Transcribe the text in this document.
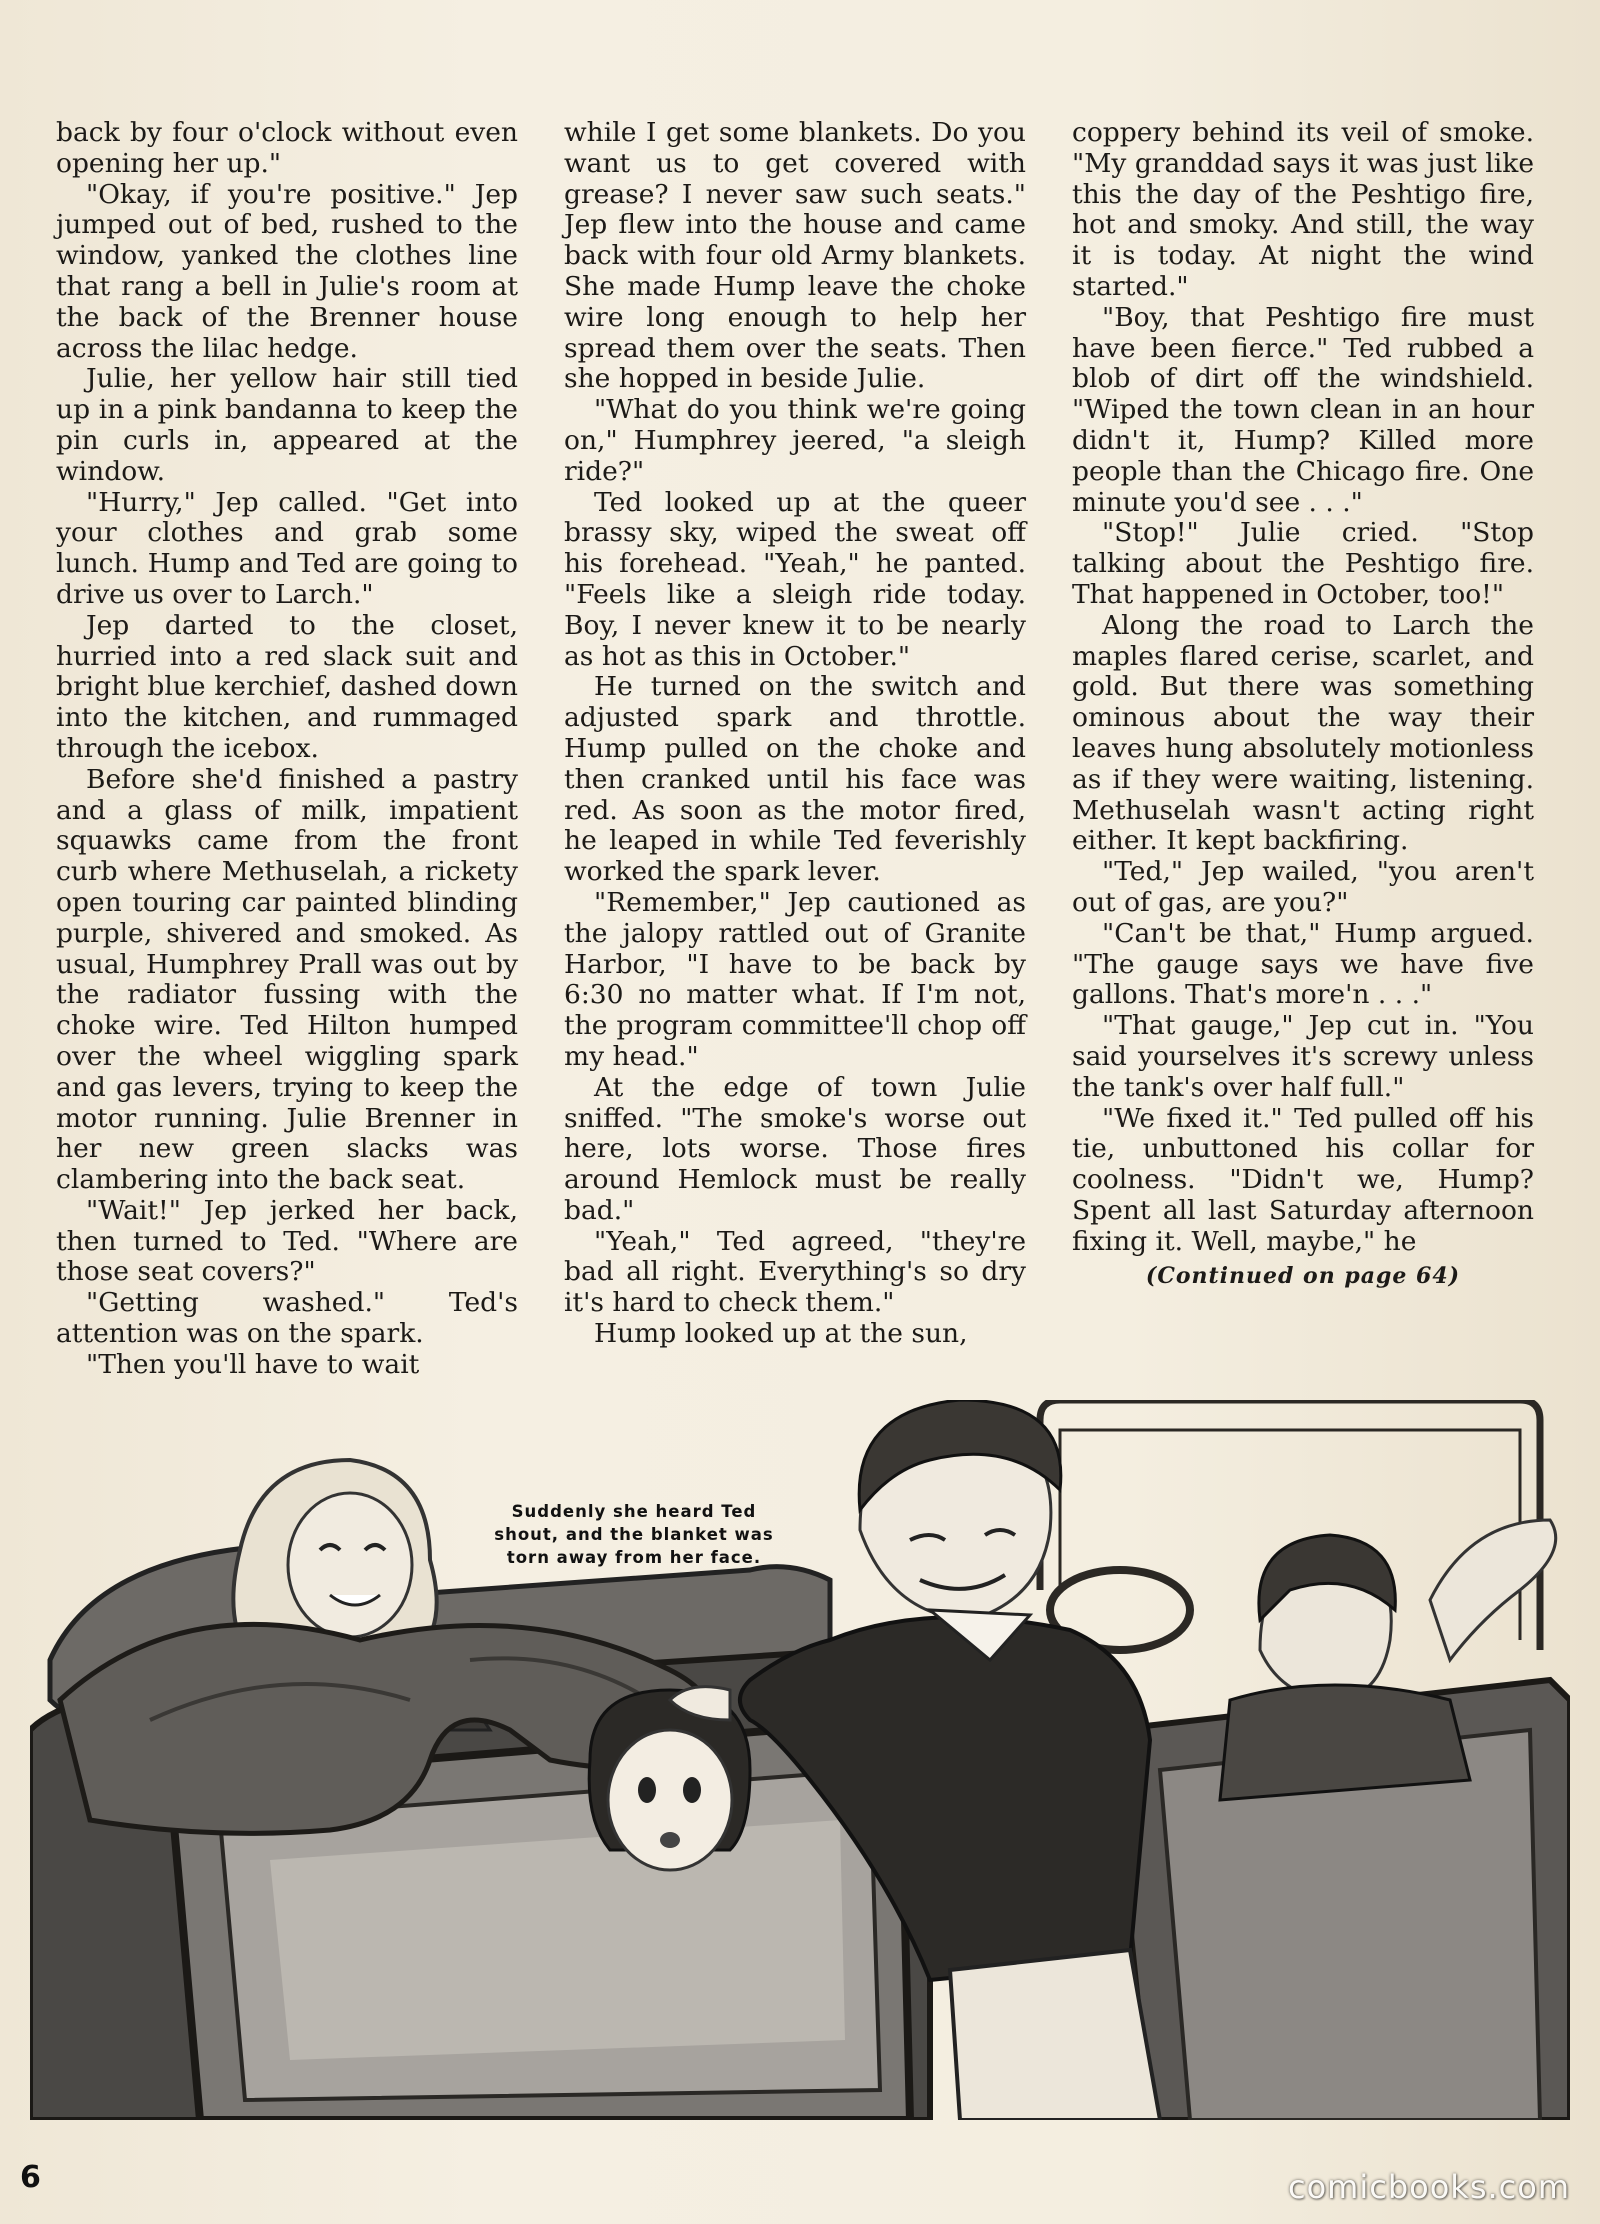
back by four o'clock without even opening her up."

"Okay, if you're positive." Jep jumped out of bed, rushed to the window, yanked the clothes line that rang a bell in Julie's room at the back of the Brenner house across the lilac hedge.

Julie, her yellow hair still tied up in a pink bandanna to keep the pin curls in, appeared at the window.

"Hurry," Jep called. "Get into your clothes and grab some lunch. Hump and Ted are going to drive us over to Larch."

Jep darted to the closet, hurried into a red slack suit and bright blue kerchief, dashed down into the kitchen, and rummaged through the icebox.

Before she'd finished a pastry and a glass of milk, impatient squawks came from the front curb where Methuselah, a rickety open touring car painted blinding purple, shivered and smoked. As usual, Humphrey Prall was out by the radiator fussing with the choke wire. Ted Hilton humped over the wheel wiggling spark and gas levers, trying to keep the motor running. Julie Brenner in her new green slacks was clambering into the back seat.

"Wait!" Jep jerked her back, then turned to Ted. "Where are those seat covers?"

"Getting washed." Ted's attention was on the spark.

"Then you'll have to wait

while I get some blankets. Do you want us to get covered with grease? I never saw such seats." Jep flew into the house and came back with four old Army blankets. She made Hump leave the choke wire long enough to help her spread them over the seats. Then she hopped in beside Julie.

"What do you think we're going on," Humphrey jeered, "a sleigh ride?"

Ted looked up at the queer brassy sky, wiped the sweat off his forehead. "Yeah," he panted. "Feels like a sleigh ride today. Boy, I never knew it to be nearly as hot as this in October."

He turned on the switch and adjusted spark and throttle. Hump pulled on the choke and then cranked until his face was red. As soon as the motor fired, he leaped in while Ted feverishly worked the spark lever.

"Remember," Jep cautioned as the jalopy rattled out of Granite Harbor, "I have to be back by 6:30 no matter what. If I'm not, the program committee'll chop off my head."

At the edge of town Julie sniffed. "The smoke's worse out here, lots worse. Those fires around Hemlock must be really bad."

"Yeah," Ted agreed, "they're bad all right. Everything's so dry it's hard to check them."

Hump looked up at the sun,

coppery behind its veil of smoke. "My granddad says it was just like this the day of the Peshtigo fire, hot and smoky. And still, the way it is today. At night the wind started."

"Boy, that Peshtigo fire must have been fierce." Ted rubbed a blob of dirt off the windshield. "Wiped the town clean in an hour didn't it, Hump? Killed more people than the Chicago fire. One minute you'd see . . ."

"Stop!" Julie cried. "Stop talking about the Peshtigo fire. That happened in October, too!"

Along the road to Larch the maples flared cerise, scarlet, and gold. But there was something ominous about the way their leaves hung absolutely motionless as if they were waiting, listening. Methuselah wasn't acting right either. It kept backfiring.

"Ted," Jep wailed, "you aren't out of gas, are you?"

"Can't be that," Hump argued. "The gauge says we have five gallons. That's more'n . . ."

"That gauge," Jep cut in. "You said yourselves it's screwy unless the tank's over half full."

"We fixed it." Ted pulled off his tie, unbuttoned his collar for coolness. "Didn't we, Hump? Spent all last Saturday afternoon fixing it. Well, maybe," he

(Continued on page 64)
Suddenly she heard Ted shout, and the blanket was torn away from her face.
6	comicbooks.com
